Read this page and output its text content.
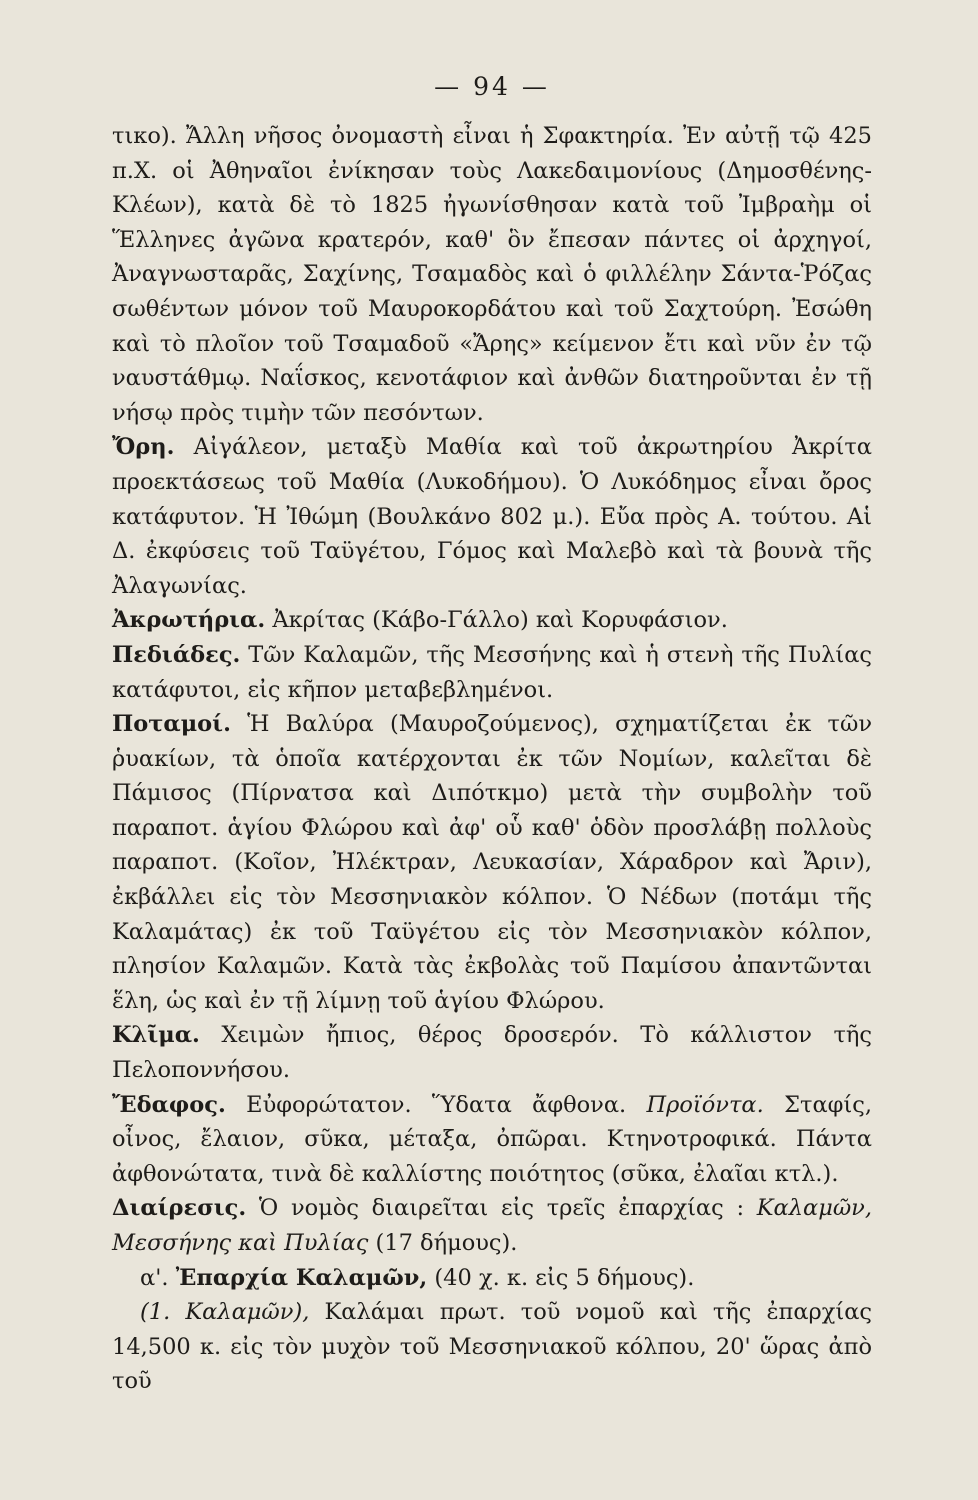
— 94 —

τικο). Ἄλλη νῆσος ὀνομαστὴ εἶναι ἡ Σφακτηρία. Ἐν αὐτῇ τῷ 425 π.Χ. οἱ Ἀθηναῖοι ἐνίκησαν τοὺς Λακεδαιμονίους (Δημοσθένης-Κλέων), κατὰ δὲ τὸ 1825 ἠγωνίσθησαν κατὰ τοῦ Ἰμβραὴμ οἱ Ἕλληνες ἀγῶνα κρατερόν, καθ' ὃν ἔπεσαν πάντες οἱ ἀρχηγοί, Ἀναγνωσταρᾶς, Σαχίνης, Τσαμαδὸς καὶ ὁ φιλλέλην Σάντα-Ῥόζας σωθέντων μόνον τοῦ Μαυροκορδάτου καὶ τοῦ Σαχτούρη. Ἐσώθη καὶ τὸ πλοῖον τοῦ Τσαμαδοῦ «Ἄρης» κείμενον ἔτι καὶ νῦν ἐν τῷ ναυστάθμῳ. Ναΐσκος, κενοτάφιον καὶ ἀνθῶν διατηροῦνται ἐν τῇ νήσῳ πρὸς τιμὴν τῶν πεσόντων.

Ὄρη. Αἰγάλεον, μεταξὺ Μαθία καὶ τοῦ ἀκρωτηρίου Ἀκρίτα προεκτάσεως τοῦ Μαθία (Λυκοδήμου). Ὁ Λυκόδημος εἶναι ὄρος κατάφυτον. Ἡ Ἰθώμη (Βουλκάνο 802 μ.). Εὔα πρὸς Α. τούτου. Αἱ Δ. ἐκφύσεις τοῦ Ταϋγέτου, Γόμος καὶ Μαλεβὸ καὶ τὰ βουνὰ τῆς Ἀλαγωνίας.

Ἀκρωτήρια. Ἀκρίτας (Κάβο-Γάλλο) καὶ Κορυφάσιον.

Πεδιάδες. Τῶν Καλαμῶν, τῆς Μεσσήνης καὶ ἡ στενὴ τῆς Πυλίας κατάφυτοι, εἰς κῆπον μεταβεβλημένοι.

Ποταμοί. Ἡ Βαλύρα (Μαυροζούμενος), σχηματίζεται ἐκ τῶν ῥυακίων, τὰ ὁποῖα κατέρχονται ἐκ τῶν Νομίων, καλεῖται δὲ Πάμισος (Πίρνατσα καὶ Διπότκμο) μετὰ τὴν συμβολὴν τοῦ παραποτ. ἁγίου Φλώρου καὶ ἀφ' οὗ καθ' ὁδὸν προσλάβῃ πολλοὺς παραποτ. (Κοῖον, Ἠλέκτραν, Λευκασίαν, Χάραδρον καὶ Ἄριν), ἐκβάλλει εἰς τὸν Μεσσηνιακὸν κόλπον. Ὁ Νέδων (ποτάμι τῆς Καλαμάτας) ἐκ τοῦ Ταϋγέτου εἰς τὸν Μεσσηνιακὸν κόλπον, πλησίον Καλαμῶν. Κατὰ τὰς ἐκβολὰς τοῦ Παμίσου ἀπαντῶνται ἕλη, ὡς καὶ ἐν τῇ λίμνῃ τοῦ ἁγίου Φλώρου.

Κλῖμα. Χειμὼν ἤπιος, θέρος δροσερόν. Τὸ κάλλιστον τῆς Πελοποννήσου.

Ἔδαφος. Εὐφορώτατον. Ὕδατα ἄφθονα. Προϊόντα. Σταφίς, οἶνος, ἔλαιον, σῦκα, μέταξα, ὀπῶραι. Κτηνοτροφικά. Πάντα ἀφθονώτατα, τινὰ δὲ καλλίστης ποιότητος (σῦκα, ἐλαῖαι κτλ.).

Διαίρεσις. Ὁ νομὸς διαιρεῖται εἰς τρεῖς ἐπαρχίας : Καλαμῶν, Μεσσήνης καὶ Πυλίας (17 δήμους).

α'. Ἐπαρχία Καλαμῶν, (40 χ. κ. εἰς 5 δήμους).

(1. Καλαμῶν), Καλάμαι πρωτ. τοῦ νομοῦ καὶ τῆς ἐπαρχίας 14,500 κ. εἰς τὸν μυχὸν τοῦ Μεσσηνιακοῦ κόλπου, 20' ὥρας ἀπὸ τοῦ
